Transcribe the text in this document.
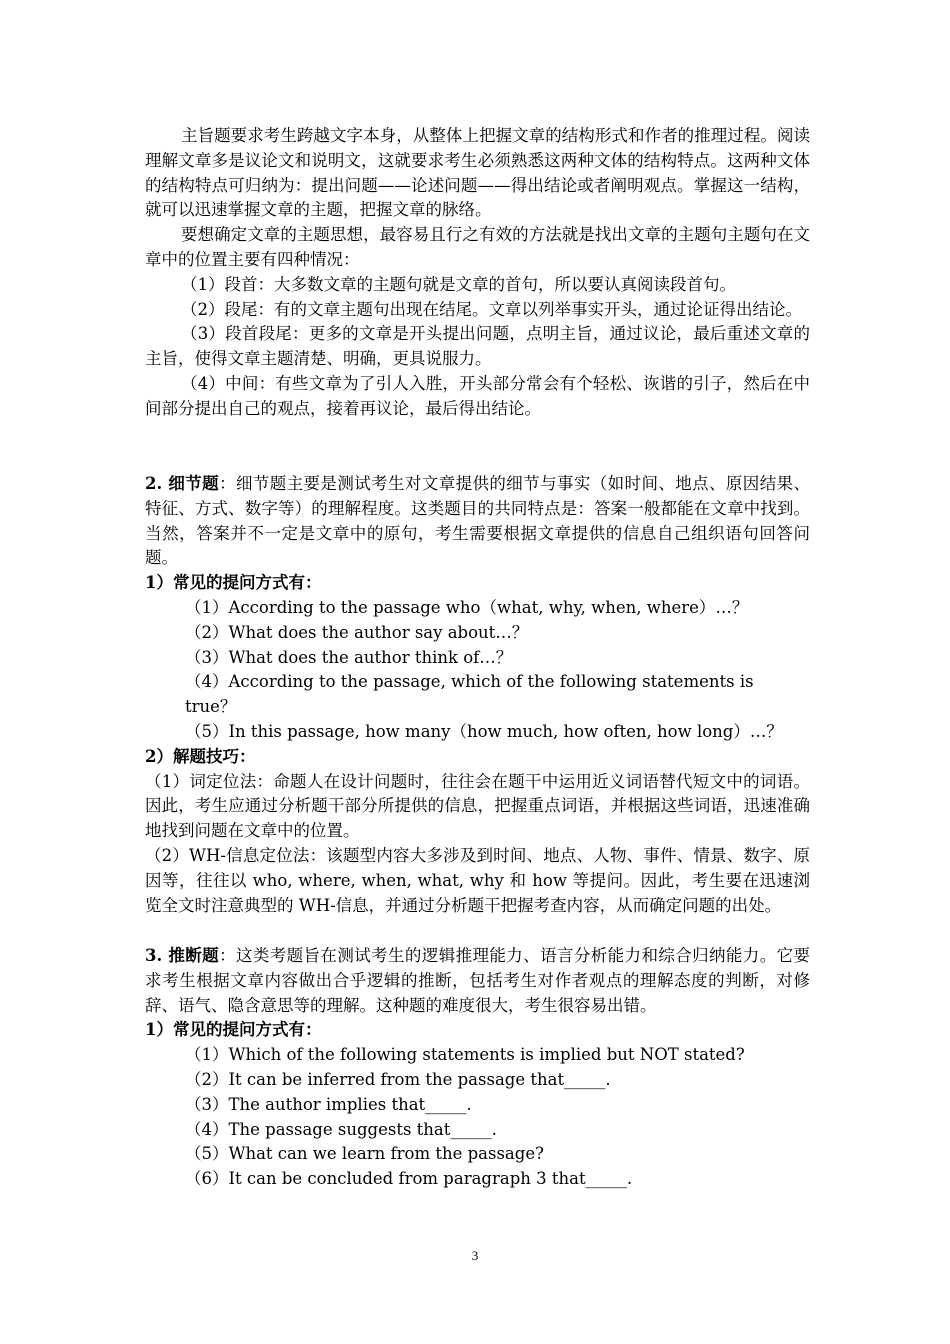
主旨题要求考生跨越文字本身，从整体上把握文章的结构形式和作者的推理过程。阅读理解文章多是议论文和说明文，这就要求考生必须熟悉这两种文体的结构特点。这两种文体的结构特点可归纳为：提出问题——论述问题——得出结论或者阐明观点。掌握这一结构，就可以迅速掌握文章的主题，把握文章的脉络。

要想确定文章的主题思想，最容易且行之有效的方法就是找出文章的主题句主题句在文章中的位置主要有四种情况：

（1）段首：大多数文章的主题句就是文章的首句，所以要认真阅读段首句。

（2）段尾：有的文章主题句出现在结尾。文章以列举事实开头，通过论证得出结论。

（3）段首段尾：更多的文章是开头提出问题，点明主旨，通过议论，最后重述文章的主旨，使得文章主题清楚、明确，更具说服力。

（4）中间：有些文章为了引人入胜，开头部分常会有个轻松、诙谐的引子，然后在中间部分提出自己的观点，接着再议论，最后得出结论。

2. 细节题：细节题主要是测试考生对文章提供的细节与事实（如时间、地点、原因结果、特征、方式、数字等）的理解程度。这类题目的共同特点是：答案一般都能在文章中找到。当然，答案并不一定是文章中的原句，考生需要根据文章提供的信息自己组织语句回答问题。

1）常见的提问方式有：

（1）According to the passage who（what, why, when, where）…？

（2）What does the author say about…？

（3）What does the author think of…？

（4）According to the passage, which of the following statements is true？

（5）In this passage, how many（how much, how often, how long）…？

2）解题技巧：

（1）词定位法：命题人在设计问题时，往往会在题干中运用近义词语替代短文中的词语。因此，考生应通过分析题干部分所提供的信息，把握重点词语，并根据这些词语，迅速准确地找到问题在文章中的位置。

（2）WH-信息定位法：该题型内容大多涉及到时间、地点、人物、事件、情景、数字、原因等，往往以 who, where, when, what, why 和 how 等提问。因此，考生要在迅速浏览全文时注意典型的 WH-信息，并通过分析题干把握考查内容，从而确定问题的出处。

3. 推断题：这类考题旨在测试考生的逻辑推理能力、语言分析能力和综合归纳能力。它要求考生根据文章内容做出合乎逻辑的推断，包括考生对作者观点的理解态度的判断，对修辞、语气、隐含意思等的理解。这种题的难度很大，考生很容易出错。

1）常见的提问方式有：

（1）Which of the following statements is implied but NOT stated?

（2）It can be inferred from the passage that_____.

（3）The author implies that_____.

（4）The passage suggests that_____.

（5）What can we learn from the passage?

（6）It can be concluded from paragraph 3 that_____.

3
